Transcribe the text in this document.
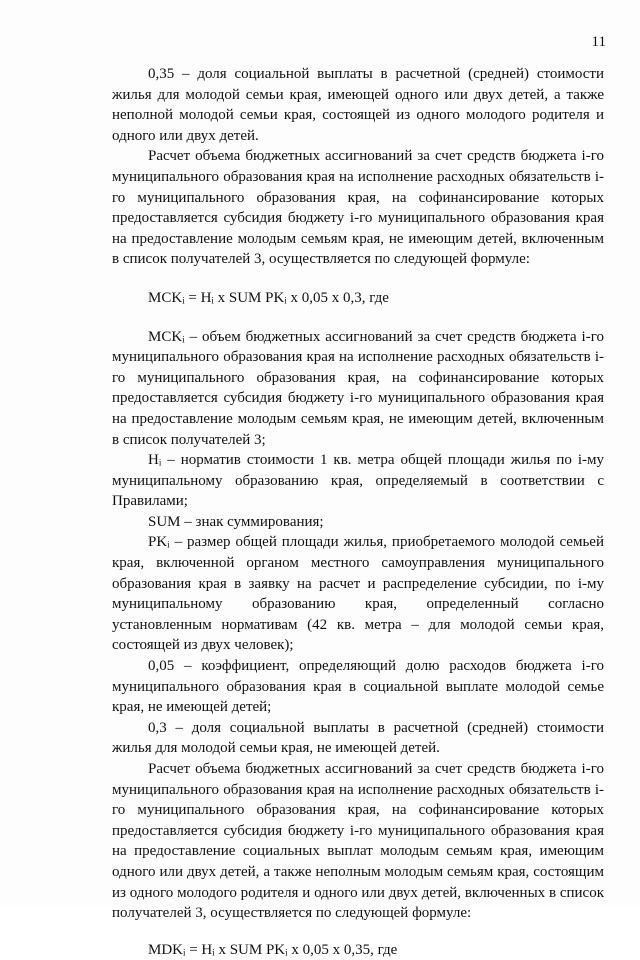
11

0,35 – доля социальной выплаты в расчетной (средней) стоимости жилья для молодой семьи края, имеющей одного или двух детей, а также неполной молодой семьи края, состоящей из одного молодого родителя и одного или двух детей.

Расчет объема бюджетных ассигнований за счет средств бюджета i-го муниципального образования края на исполнение расходных обязательств i-го муниципального образования края, на софинансирование которых предоставляется субсидия бюджету i-го муниципального образования края на предоставление молодым семьям края, не имеющим детей, включенным в список получателей 3, осуществляется по следующей формуле:

MCKᵢ = Hᵢ x SUM PKᵢ x 0,05 x 0,3, где

MCKᵢ – объем бюджетных ассигнований за счет средств бюджета i-го муниципального образования края на исполнение расходных обязательств i-го муниципального образования края, на софинансирование которых предоставляется субсидия бюджету i-го муниципального образования края на предоставление молодым семьям края, не имеющим детей, включенным в список получателей 3;

Hᵢ – норматив стоимости 1 кв. метра общей площади жилья по i-му муниципальному образованию края, определяемый в соответствии с Правилами;

SUM – знак суммирования;

PKᵢ – размер общей площади жилья, приобретаемого молодой семьей края, включенной органом местного самоуправления муниципального образования края в заявку на расчет и распределение субсидии, по i-му муниципальному образованию края, определенный согласно установленным нормативам (42 кв. метра – для молодой семьи края, состоящей из двух человек);

0,05 – коэффициент, определяющий долю расходов бюджета i-го муниципального образования края в социальной выплате молодой семье края, не имеющей детей;

0,3 – доля социальной выплаты в расчетной (средней) стоимости жилья для молодой семьи края, не имеющей детей.

Расчет объема бюджетных ассигнований за счет средств бюджета i-го муниципального образования края на исполнение расходных обязательств i-го муниципального образования края, на софинансирование которых предоставляется субсидия бюджету i-го муниципального образования края на предоставление социальных выплат молодым семьям края, имеющим одного или двух детей, а также неполным молодым семьям края, состоящим из одного молодого родителя и одного или двух детей, включенных в список получателей 3, осуществляется по следующей формуле:

MDKᵢ = Hᵢ x SUM PKᵢ x 0,05 x 0,35, где
